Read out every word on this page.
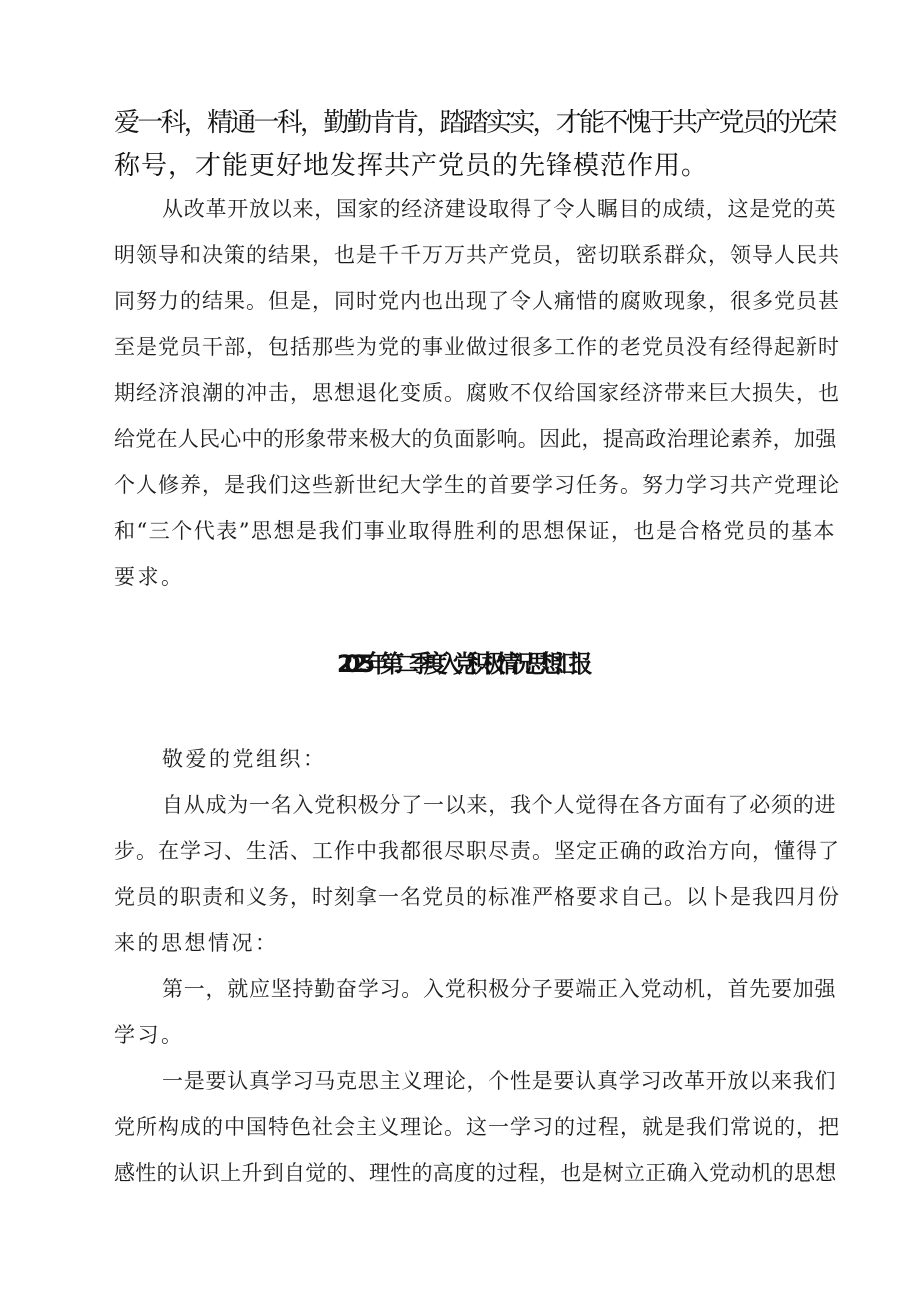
爱一科，精通一科，勤勤肯肯，踏踏实实，才能不愧于共产党员的光荣

称号，才能更好地发挥共产党员的先锋模范作用。

从改革开放以来，国家的经济建设取得了令人瞩目的成绩，这是党的英

明领导和决策的结果，也是千千万万共产党员，密切联系群众，领导人民共

同努力的结果。但是，同时党内也出现了令人痛惜的腐败现象，很多党员甚

至是党员干部，包括那些为党的事业做过很多工作的老党员没有经得起新时

期经济浪潮的冲击，思想退化变质。腐败不仅给国家经济带来巨大损失，也

给党在人民心中的形象带来极大的负面影响。因此，提高政治理论素养，加强

个人修养，是我们这些新世纪大学生的首要学习任务。努力学习共产党理论

和“三个代表”思想是我们事业取得胜利的思想保证，也是合格党员的基本

要求。

2025年第二季度入党积极情况思想汇报

敬爱的党组织：

自从成为一名入党积极分了一以来，我个人觉得在各方面有了必须的进

步。在学习、生活、工作中我都很尽职尽责。坚定正确的政治方向，懂得了

党员的职责和义务，时刻拿一名党员的标准严格要求自己。以卜是我四月份

来的思想情况：

第一，就应坚持勤奋学习。入党积极分子要端正入党动机，首先要加强

学习。

一是要认真学习马克思主义理论，个性是要认真学习改革开放以来我们

党所构成的中国特色社会主义理论。这一学习的过程，就是我们常说的，把

感性的认识上升到自觉的、理性的高度的过程，也是树立正确入党动机的思想
